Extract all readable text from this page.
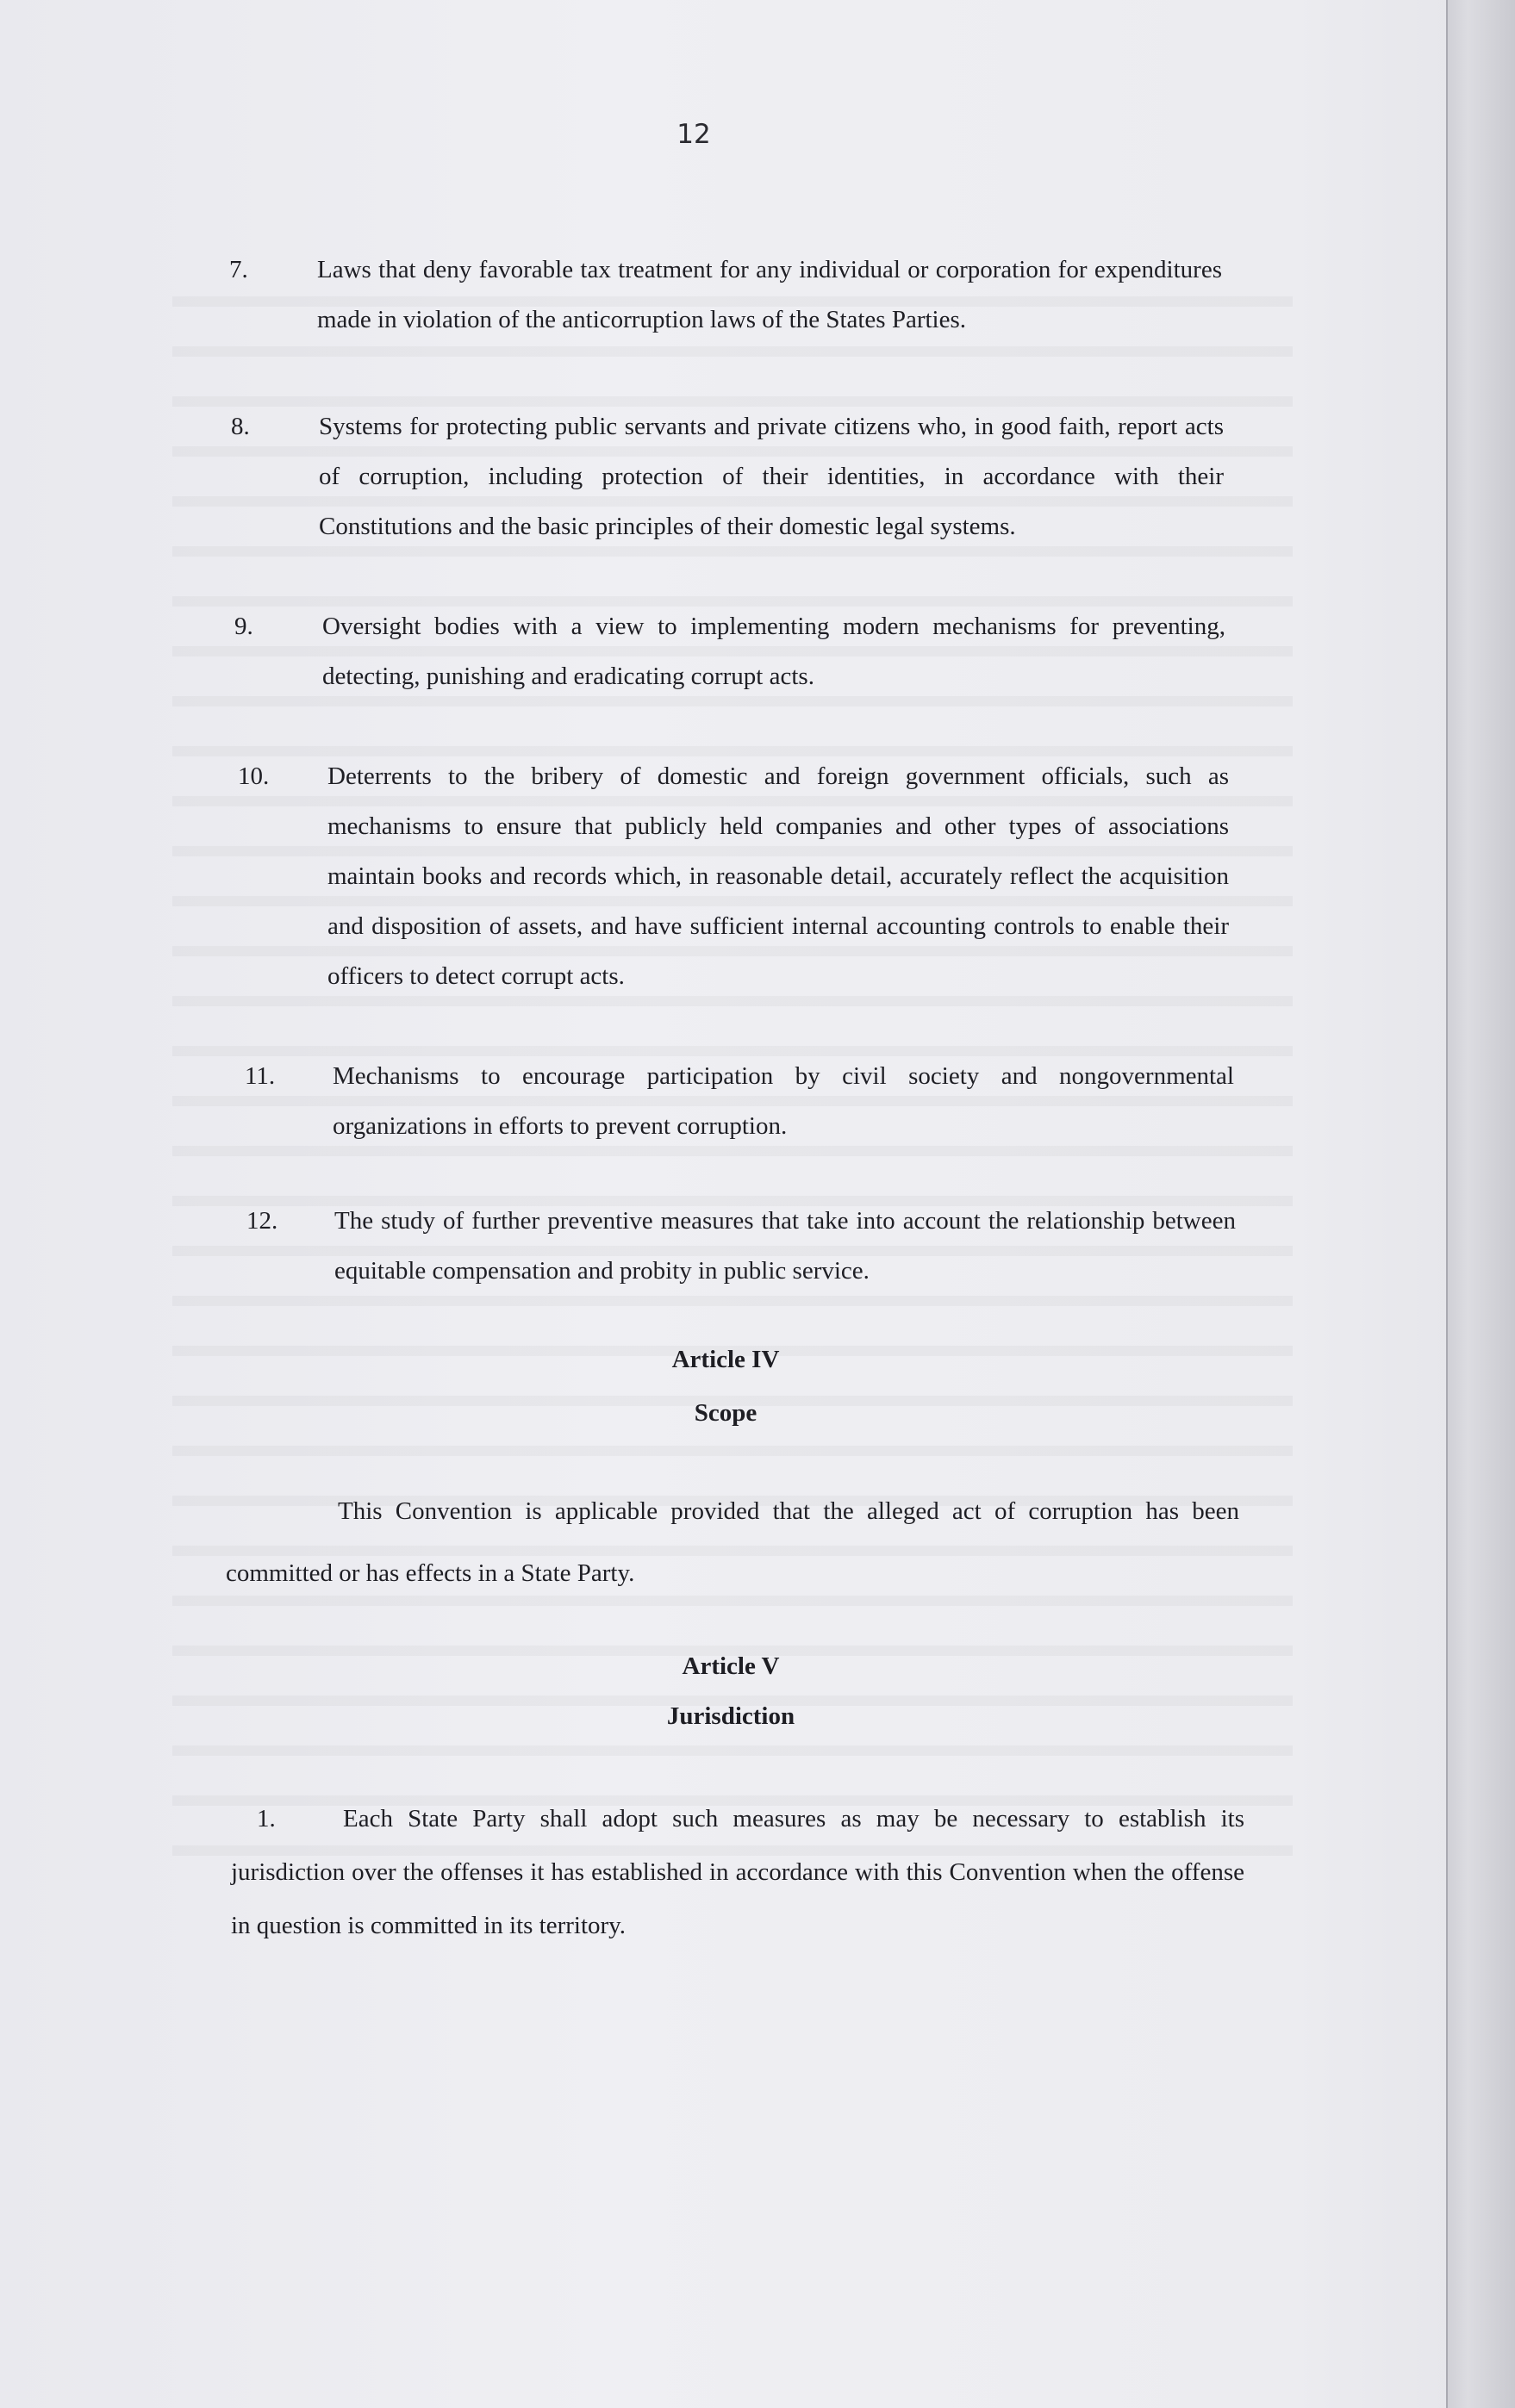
12
7.	Laws that deny favorable tax treatment for any individual or corporation for expenditures made in violation of the anticorruption laws of the States Parties.
8.	Systems for protecting public servants and private citizens who, in good faith, report acts of corruption, including protection of their identities, in accordance with their Constitutions and the basic principles of their domestic legal systems.
9.	Oversight bodies with a view to implementing modern mechanisms for preventing, detecting, punishing and eradicating corrupt acts.
10. Deterrents to the bribery of domestic and foreign government officials, such as mechanisms to ensure that publicly held companies and other types of associations maintain books and records which, in reasonable detail, accurately reflect the acquisition and disposition of assets, and have sufficient internal accounting controls to enable their officers to detect corrupt acts.
11. Mechanisms to encourage participation by civil society and nongovernmental organizations in efforts to prevent corruption.
12. The study of further preventive measures that take into account the relationship between equitable compensation and probity in public service.
Article IV
Scope
This Convention is applicable provided that the alleged act of corruption has been committed or has effects in a State Party.
Article V
Jurisdiction
1.	Each State Party shall adopt such measures as may be necessary to establish its jurisdiction over the offenses it has established in accordance with this Convention when the offense in question is committed in its territory.
